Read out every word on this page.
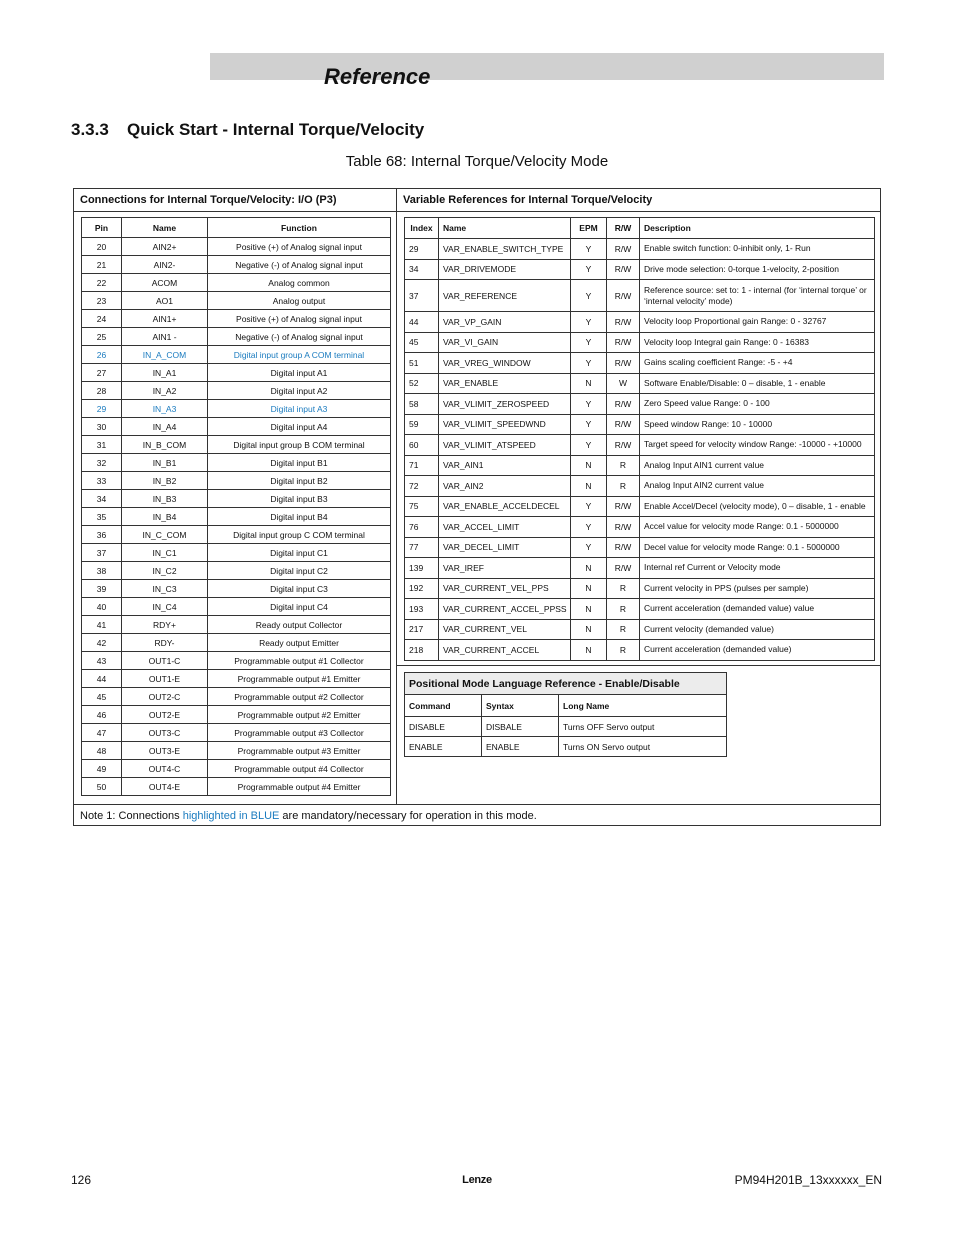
Reference
3.3.3 Quick Start - Internal Torque/Velocity
Table 68: Internal Torque/Velocity Mode
Connections for Internal Torque/Velocity: I/O (P3)	Variable References for Internal Torque/Velocity
Pin	Name	Function
20	AIN2+	Positive (+) of Analog signal input
21	AIN2-	Negative (-) of Analog signal input
22	ACOM	Analog common
23	AO1	Analog output
24	AIN1+	Positive (+) of Analog signal input
25	AIN1 -	Negative (-) of Analog signal input
26	IN_A_COM	Digital input group A COM terminal
27	IN_A1	Digital input A1
28	IN_A2	Digital input A2
29	IN_A3	Digital input A3
30	IN_A4	Digital input A4
31	IN_B_COM	Digital input group B COM terminal
32	IN_B1	Digital input B1
33	IN_B2	Digital input B2
34	IN_B3	Digital input B3
35	IN_B4	Digital input B4
36	IN_C_COM	Digital input group C COM terminal
37	IN_C1	Digital input C1
38	IN_C2	Digital input C2
39	IN_C3	Digital input C3
40	IN_C4	Digital input C4
41	RDY+	Ready output Collector
42	RDY-	Ready output Emitter
43	OUT1-C	Programmable output #1 Collector
44	OUT1-E	Programmable output #1 Emitter
45	OUT2-C	Programmable output #2 Collector
46	OUT2-E	Programmable output #2 Emitter
47	OUT3-C	Programmable output #3 Collector
48	OUT3-E	Programmable output #3 Emitter
49	OUT4-C	Programmable output #4 Collector
50	OUT4-E	Programmable output #4 Emitter
Index	Name	EPM	R/W	Description
29	VAR_ENABLE_SWITCH_TYPE	Y	R/W	Enable switch function: 0-inhibit only, 1- Run
34	VAR_DRIVEMODE	Y	R/W	Drive mode selection: 0-torque 1-velocity, 2-position
37	VAR_REFERENCE	Y	R/W	Reference source: set to: 1 - internal (for ‘internal torque’ or ‘internal velocity’ mode)
44	VAR_VP_GAIN	Y	R/W	Velocity loop Proportional gain Range: 0 - 32767
45	VAR_VI_GAIN	Y	R/W	Velocity loop Integral gain Range: 0 - 16383
51	VAR_VREG_WINDOW	Y	R/W	Gains scaling coefficient Range: -5 - +4
52	VAR_ENABLE	N	W	Software Enable/Disable: 0 – disable, 1 - enable
58	VAR_VLIMIT_ZEROSPEED	Y	R/W	Zero Speed value Range: 0 - 100
59	VAR_VLIMIT_SPEEDWND	Y	R/W	Speed window Range: 10 - 10000
60	VAR_VLIMIT_ATSPEED	Y	R/W	Target speed for velocity window Range: -10000 - +10000
71	VAR_AIN1	N	R	Analog Input AIN1 current value
72	VAR_AIN2	N	R	Analog Input AIN2 current value
75	VAR_ENABLE_ACCELDECEL	Y	R/W	Enable Accel/Decel (velocity mode), 0 – disable, 1 - enable
76	VAR_ACCEL_LIMIT	Y	R/W	Accel value for velocity mode Range: 0.1 - 5000000
77	VAR_DECEL_LIMIT	Y	R/W	Decel value for velocity mode Range: 0.1 - 5000000
139	VAR_IREF	N	R/W	Internal ref Current or Velocity mode
192	VAR_CURRENT_VEL_PPS	N	R	Current velocity in PPS (pulses per sample)
193	VAR_CURRENT_ACCEL_PPSS	N	R	Current acceleration (demanded value) value
217	VAR_CURRENT_VEL	N	R	Current velocity (demanded value)
218	VAR_CURRENT_ACCEL	N	R	Current acceleration (demanded value)
Positional Mode Language Reference - Enable/Disable		
Command	Syntax	Long Name
DISABLE	DISBALE	Turns OFF Servo output
ENABLE	ENABLE	Turns ON Servo output
Note 1: Connections highlighted in BLUE are mandatory/necessary for operation in this mode.
126	Lenze	PM94H201B_13xxxxxx_EN
